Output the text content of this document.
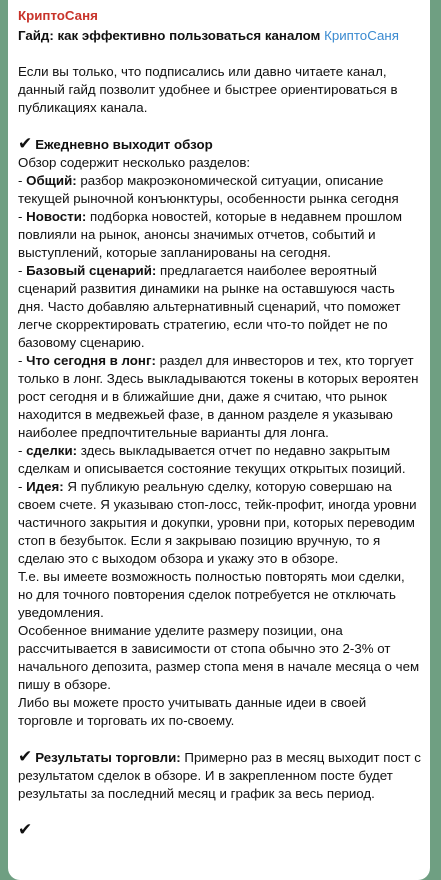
КриптоСаня
Гайд: как эффективно пользоваться каналом КриптоСаня

Если вы только, что подписались или давно читаете канал, данный гайд позволит удобнее и быстрее ориентироваться в публикациях канала.

✔ Ежедневно выходит обзор

Обзор содержит несколько разделов:

- Общий: разбор макроэкономической ситуации, описание текущей рыночной конъюнктуры, особенности рынка сегодня

- Новости: подборка новостей, которые в недавнем прошлом повлияли на рынок, анонсы значимых отчетов, событий и выступлений, которые запланированы на сегодня.

- Базовый сценарий: предлагается наиболее вероятный сценарий развития динамики на рынке на оставшуюся часть дня. Часто добавляю альтернативный сценарий, что поможет легче скорректировать стратегию, если что-то пойдет не по базовому сценарию.

- Что сегодня в лонг: раздел для инвесторов и тех, кто торгует только в лонг. Здесь выкладываются токены в которых вероятен рост сегодня и в ближайшие дни, даже я считаю, что рынок находится в медвежьей фазе, в данном разделе я указываю наиболее предпочтительные варианты для лонга.

- сделки: здесь выкладывается отчет по недавно закрытым сделкам и описывается состояние текущих открытых позиций.

- Идея: Я публикую реальную сделку, которую совершаю на своем счете. Я указываю стоп-лосс, тейк-профит, иногда уровни частичного закрытия и докупки, уровни при, которых переводим стоп в безубыток. Если я закрываю позицию вручную, то я сделаю это с выходом обзора и укажу это в обзоре.

Т.е. вы имеете возможность полностью повторять мои сделки, но для точного повторения сделок потребуется не отключать уведомления.

Особенное внимание уделите размеру позиции, она рассчитывается в зависимости от стопа обычно это 2-3% от начального депозита, размер стопа меня в начале месяца о чем пишу в обзоре.

Либо вы можете просто учитывать данные идеи в своей торговле и торговать их по-своему.

✔ Результаты торговли: Примерно раз в месяц выходит пост с результатом сделок в обзоре. И в закрепленном посте будет результаты за последний месяц и график за весь период.

✔
